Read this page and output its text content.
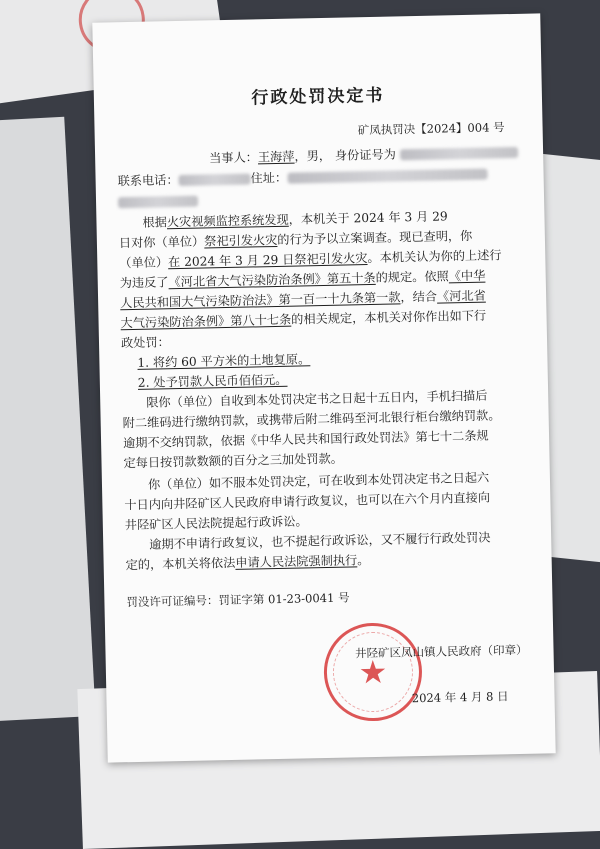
行政处罚决定书
矿凤执罚决【2024】004 号
当事人：王海萍，男， 身份证号为
联系电话：	住址：
根据火灾视频监控系统发现，本机关于 2024 年 3 月 29
日对你（单位）祭祀引发火灾的行为予以立案调查。现已查明，你
（单位）在 2024 年 3 月 29 日祭祀引发火灾。本机关认为你的上述行
为违反了《河北省大气污染防治条例》第五十条的规定。依照《中华
人民共和国大气污染防治法》第一百一十九条第一款，结合《河北省
大气污染防治条例》第八十七条的相关规定，本机关对你作出如下行
政处罚：
1. 将约 60 平方米的土地复原。
2. 处予罚款人民币佰佰元。
限你（单位）自收到本处罚决定书之日起十五日内，手机扫描后
附二维码进行缴纳罚款，或携带后附二维码至河北银行柜台缴纳罚款。
逾期不交纳罚款，依据《中华人民共和国行政处罚法》第七十二条规
定每日按罚款数额的百分之三加处罚款。
你（单位）如不服本处罚决定，可在收到本处罚决定书之日起六
十日内向井陉矿区人民政府申请行政复议，也可以在六个月内直接向
井陉矿区人民法院提起行政诉讼。
逾期不申请行政复议，也不提起行政诉讼，又不履行行政处罚决
定的，本机关将依法申请人民法院强制执行。
罚没许可证编号：罚证字第 01-23-0041 号
★
井陉矿区凤山镇人民政府（印章）
2024 年 4 月 8 日
